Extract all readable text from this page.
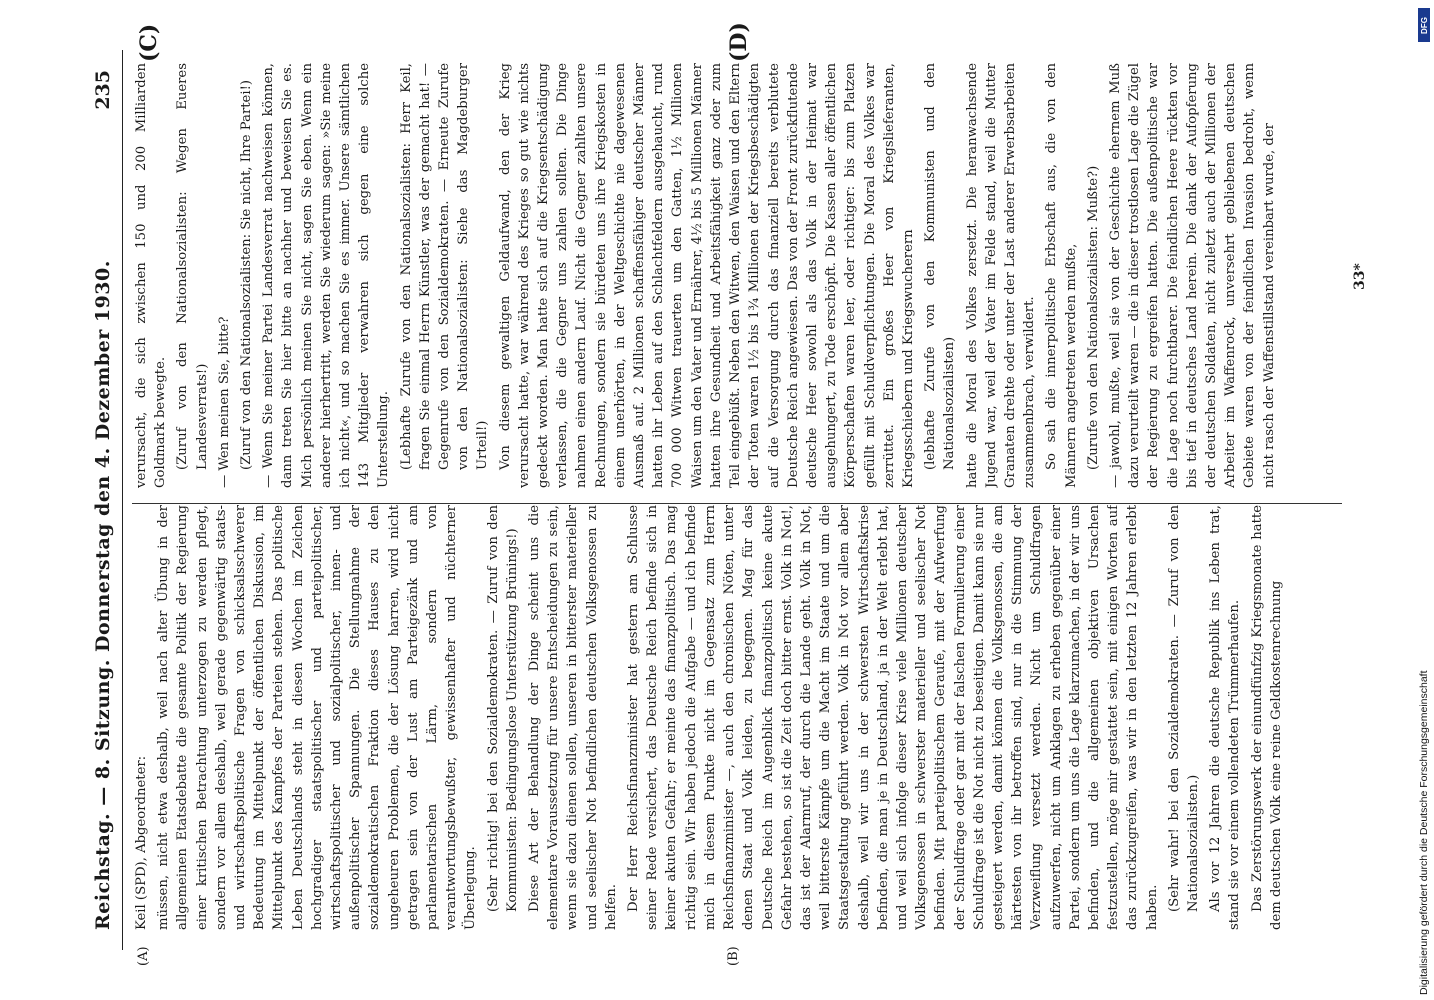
Reichstag. — 8. Sitzung. Donnerstag den 4. Dezember 1930.
235
(A)	(B)
(C)	(D)

Keil (SPD), Abgeordneter: müssen, nicht etwa deshalb, weil nach alter Übung in der allgemeinen Etatsdebatte die gesamte Politik der Regierung einer kritischen Betrachtung unterzogen zu werden pflegt, sondern vor allem deshalb, weil gerade gegenwärtig staats- und wirtschaftspolitische Fragen von schicksalsschwerer Bedeutung im Mittelpunkt der öffentlichen Diskussion, im Mittelpunkt des Kampfes der Parteien stehen. Das politische Leben Deutschlands steht in diesen Wochen im Zeichen hochgradiger staatspolitischer und parteipolitischer, wirtschaftspolitischer und sozialpolitischer, innen- und außenpolitischer Spannungen. Die Stellungnahme der sozialdemokratischen Fraktion dieses Hauses zu den ungeheuren Problemen, die der Lösung harren, wird nicht getragen sein von der Lust am Parteigezänk und am parlamentarischen Lärm, sondern von verantwortungsbewußter, gewissenhafter und nüchterner Überlegung. (Sehr richtig! bei den Sozialdemokraten. — Zuruf von den Kommunisten: Bedingungslose Unterstützung Brünings!) Diese Art der Behandlung der Dinge scheint uns die elementare Voraussetzung für unsere Entscheidungen zu sein, wenn sie dazu dienen sollen, unseren in bitterster materieller und seelischer Not befindlichen deutschen Volksgenossen zu helfen. Der Herr Reichsfinanzminister hat gestern am Schlusse seiner Rede versichert, das Deutsche Reich befinde sich in keiner akuten Gefahr; er meinte das finanzpolitisch. Das mag richtig sein. Wir haben jedoch die Aufgabe — und ich befinde mich in diesem Punkte nicht im Gegensatz zum Herrn Reichsfinanzminister —, auch den chronischen Nöten, unter denen Staat und Volk leiden, zu begegnen. Mag für das Deutsche Reich im Augenblick finanzpolitisch keine akute Gefahr bestehen, so ist die Zeit doch bitter ernst. Volk in Not!, das ist der Alarmruf, der durch die Lande geht. Volk in Not, weil bitterste Kämpfe um die Macht im Staate und um die Staatsgestaltung geführt werden. Volk in Not vor allem aber deshalb, weil wir uns in der schwersten Wirtschaftskrise befinden, die man je in Deutschland, ja in der Welt erlebt hat, und weil sich infolge dieser Krise viele Millionen deutscher Volksgenossen in schwerster materieller und seelischer Not befinden. Mit parteipolitischem Geraufe, mit der Aufwerfung der Schuldfrage oder gar mit der falschen Formulierung einer Schuldfrage ist die Not nicht zu beseitigen. Damit kann sie nur gesteigert werden, damit können die Volksgenossen, die am härtesten von ihr betroffen sind, nur in die Stimmung der Verzweiflung versetzt werden. Nicht um Schuldfragen aufzuwerfen, nicht um Anklagen zu erheben gegenüber einer Partei, sondern um uns die Lage klarzumachen, in der wir uns befinden, und die allgemeinen objektiven Ursachen festzustellen, möge mir gestattet sein, mit einigen Worten auf das zurückzugreifen, was wir in den letzten 12 Jahren erlebt haben. (Sehr wahr! bei den Sozialdemokraten. — Zuruf von den Nationalsozialisten.) Als vor 12 Jahren die deutsche Republik ins Leben trat, stand sie vor einem vollendeten Trümmerhaufen. Das Zerstörungswerk der einundfünfzig Kriegsmonate hatte dem deutschen Volk eine reine Geldkostenrechnung

verursacht, die sich zwischen 150 und 200 Milliarden Goldmark bewegte. (Zuruf von den Nationalsozialisten: Wegen Eueres Landesverrats!) — Wen meinen Sie, bitte? (Zuruf von den Nationalsozialisten: Sie nicht, Ihre Partei!) — Wenn Sie meiner Partei Landesverrat nachweisen können, dann treten Sie hier bitte an nachher und beweisen Sie es. Mich persönlich meinen Sie nicht, sagen Sie eben. Wenn ein anderer hierhertritt, werden Sie wiederum sagen: »Sie meine ich nicht«, und so machen Sie es immer. Unsere sämtlichen 143 Mitglieder verwahren sich gegen eine solche Unterstellung. (Lebhafte Zurufe von den Nationalsozialisten: Herr Keil, fragen Sie einmal Herrn Künstler, was der gemacht hat! — Gegenrufe von den Sozialdemokraten. — Erneute Zurufe von den Nationalsozialisten: Siehe das Magdeburger Urteil!) Von diesem gewaltigen Geldaufwand, den der Krieg verursacht hatte, war während des Krieges so gut wie nichts gedeckt worden. Man hatte sich auf die Kriegsentschädigung verlassen, die die Gegner uns zahlen sollten. Die Dinge nahmen einen andern Lauf. Nicht die Gegner zahlten unsere Rechnungen, sondern sie bürdeten uns ihre Kriegskosten in einem unerhörten, in der Weltgeschichte nie dagewesenen Ausmaß auf. 2 Millionen schaffensfähiger deutscher Männer hatten ihr Leben auf den Schlachtfeldern ausgehaucht, rund 700 000 Witwen trauerten um den Gatten, 1½ Millionen Waisen um den Vater und Ernährer, 4½ bis 5 Millionen Männer hatten ihre Gesundheit und Arbeitsfähigkeit ganz oder zum Teil eingebüßt. Neben den Witwen, den Waisen und den Eltern der Toten waren 1½ bis 1¾ Millionen der Kriegsbeschädigten auf die Versorgung durch das finanziell bereits verblutete Deutsche Reich angewiesen. Das von der Front zurückflutende deutsche Heer sowohl als das Volk in der Heimat war ausgehungert, zu Tode erschöpft. Die Kassen aller öffentlichen Körperschaften waren leer, oder richtiger: bis zum Platzen gefüllt mit Schuldverpflichtungen. Die Moral des Volkes war zerrüttet. Ein großes Heer von Kriegslieferanten, Kriegsschiebern und Kriegswucherern (lebhafte Zurufe von den Kommunisten und den Nationalsozialisten) hatte die Moral des Volkes zersetzt. Die heranwachsende Jugend war, weil der Vater im Felde stand, weil die Mutter Granaten drehte oder unter der Last anderer Erwerbsarbeiten zusammenbrach, verwildert. So sah die innerpolitische Erbschaft aus, die von den Männern angetreten werden mußte, (Zurufe von den Nationalsozialisten: Mußte?) — jawohl, mußte, weil sie von der Geschichte ehernem Muß dazu verurteilt waren — die in dieser trostlosen Lage die Zügel der Regierung zu ergreifen hatten. Die außenpolitische war die Lage noch furchtbarer. Die feindlichen Heere rückten vor bis tief in deutsches Land herein. Die dank der Aufopferung der deutschen Soldaten, nicht zuletzt auch der Millionen der Arbeiter im Waffenrock, unversehrt gebliebenen deutschen Gebiete waren von der feindlichen Invasion bedroht, wenn nicht rasch der Waffenstillstand vereinbart wurde, der	33*
Digitalisierung gefördert durch die Deutsche Forschungsgemeinschaft
DFG
